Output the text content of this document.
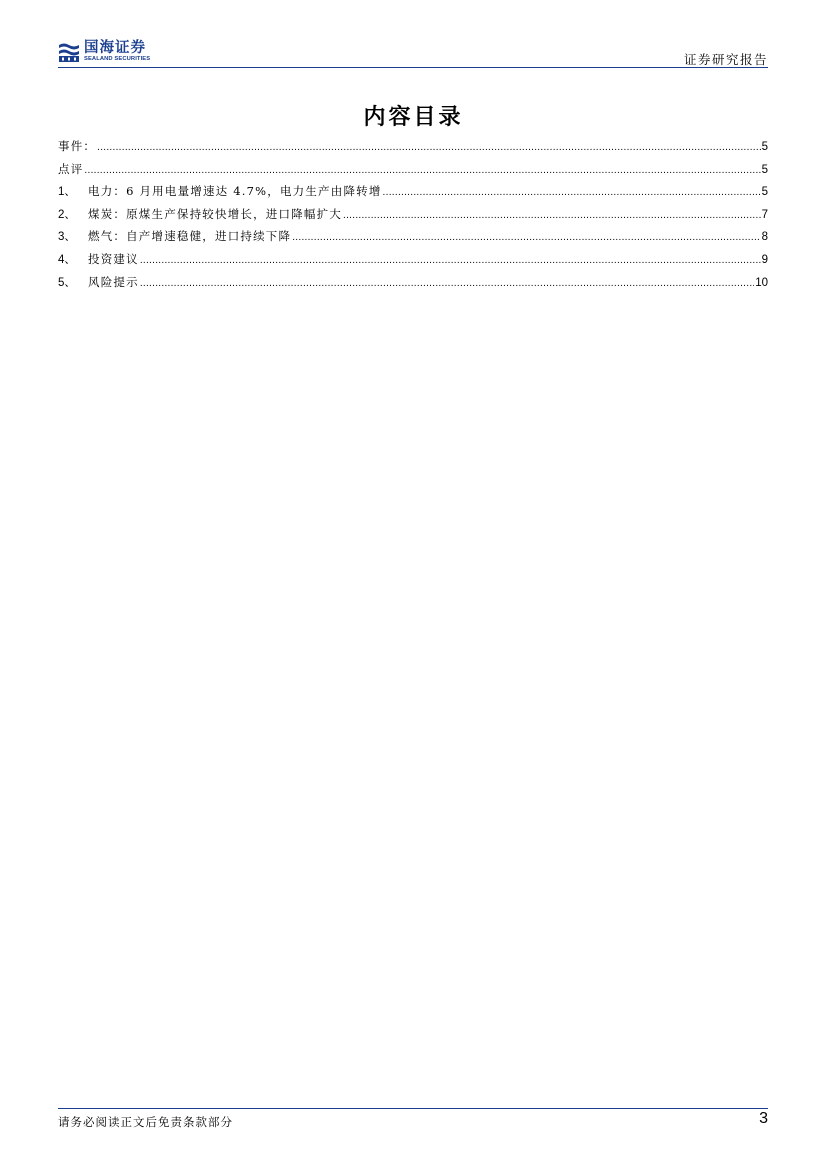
国海证券
SEALAND SECURITIES	证券研究报告
内容目录
事件： .....	5
点评 .....	5
1、	电力：6 月用电量增速达 4.7%，电力生产由降转增 .....	5
2、	煤炭：原煤生产保持较快增长，进口降幅扩大 .....	7
3、	燃气：自产增速稳健，进口持续下降 .....	8
4、	投资建议 .....	9
5、	风险提示 .....	10
请务必阅读正文后免责条款部分	3
